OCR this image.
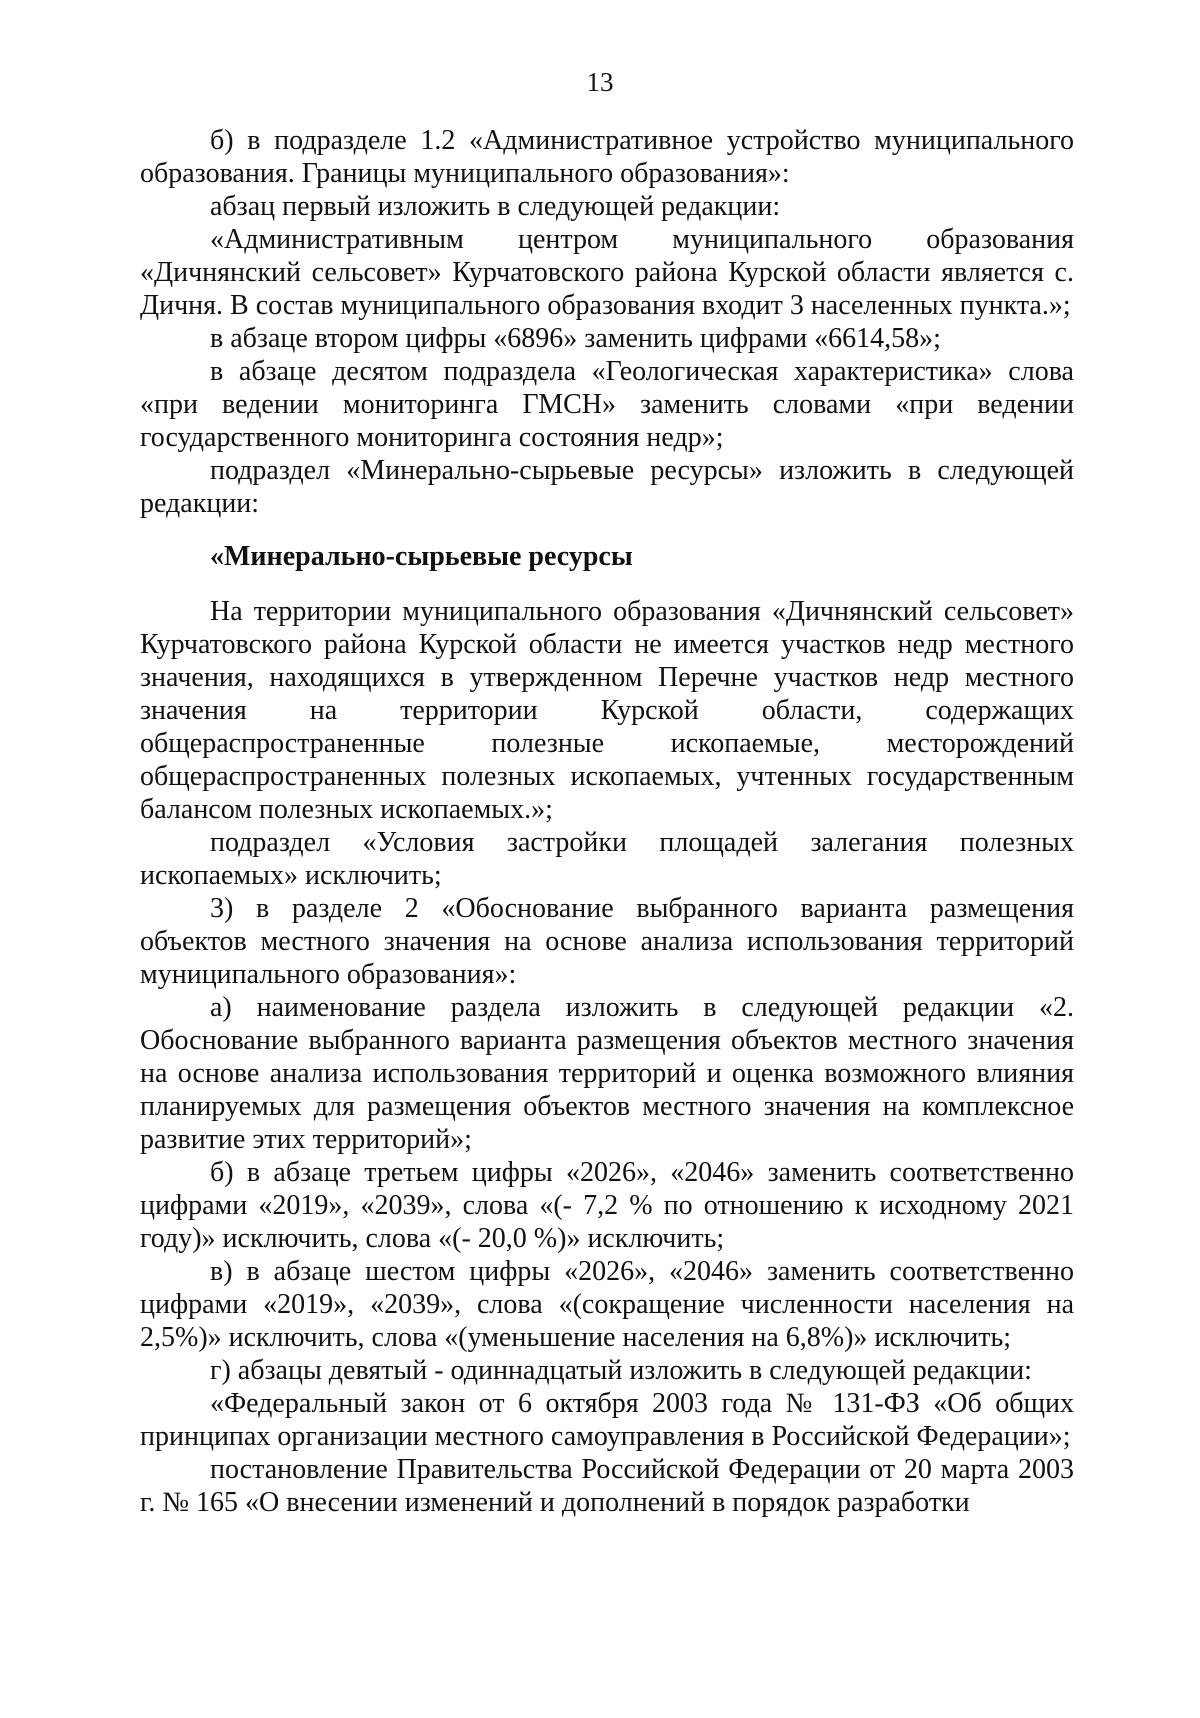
13

б) в подразделе 1.2 «Административное устройство муниципального образования. Границы муниципального образования»:

абзац первый изложить в следующей редакции:

«Административным центром муниципального образования «Дичнянский сельсовет» Курчатовского района Курской области является с. Дичня. В состав муниципального образования входит 3 населенных пункта.»;

в абзаце втором цифры «6896» заменить цифрами «6614,58»;

в абзаце десятом подраздела «Геологическая характеристика» слова «при ведении мониторинга ГМСН» заменить словами «при ведении государственного мониторинга состояния недр»;

подраздел «Минерально-сырьевые ресурсы» изложить в следующей редакции:

«Минерально-сырьевые ресурсы

На территории муниципального образования «Дичнянский сельсовет» Курчатовского района Курской области не имеется участков недр местного значения, находящихся в утвержденном Перечне участков недр местного значения на территории Курской области, содержащих общераспространенные полезные ископаемые, месторождений общераспространенных полезных ископаемых, учтенных государственным балансом полезных ископаемых.»;

подраздел «Условия застройки площадей залегания полезных ископаемых» исключить;

3) в разделе 2 «Обоснование выбранного варианта размещения объектов местного значения на основе анализа использования территорий муниципального образования»:

а) наименование раздела изложить в следующей редакции «2. Обоснование выбранного варианта размещения объектов местного значения на основе анализа использования территорий и оценка возможного влияния планируемых для размещения объектов местного значения на комплексное развитие этих территорий»;

б) в абзаце третьем цифры «2026», «2046» заменить соответственно цифрами «2019», «2039», слова «(- 7,2 % по отношению к исходному 2021 году)» исключить, слова «(- 20,0 %)» исключить;

в) в абзаце шестом цифры «2026», «2046» заменить соответственно цифрами «2019», «2039», слова «(сокращение численности населения на 2,5%)» исключить, слова «(уменьшение населения на 6,8%)» исключить;

г) абзацы девятый - одиннадцатый изложить в следующей редакции:

«Федеральный закон от 6 октября 2003 года № 131-ФЗ «Об общих принципах организации местного самоуправления в Российской Федерации»;

постановление Правительства Российской Федерации от 20 марта 2003 г. № 165 «О внесении изменений и дополнений в порядок разработки
